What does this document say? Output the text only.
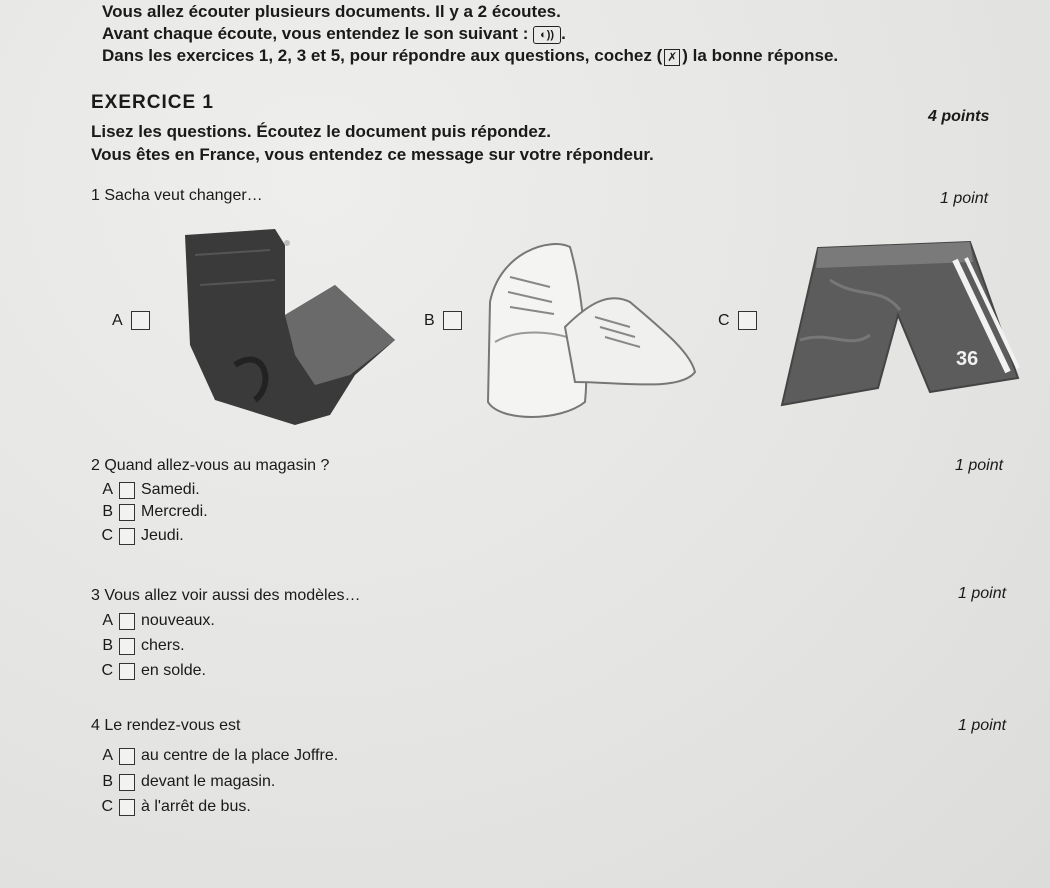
Vous allez écouter plusieurs documents. Il y a 2 écoutes.
Avant chaque écoute, vous entendez le son suivant : ◐)) .
Dans les exercices 1, 2, 3 et 5, pour répondre aux questions, cochez ( ✗ ) la bonne réponse.
EXERCICE 1
4 points
Lisez les questions. Écoutez le document puis répondez.
Vous êtes en France, vous entendez ce message sur votre répondeur.
1 Sacha veut changer…	1 point
A	B	C
36
2 Quand allez-vous au magasin ?	1 point
A Samedi.
B Mercredi.
C Jeudi.
3 Vous allez voir aussi des modèles…	1 point
A nouveaux.
B chers.
C en solde.
4 Le rendez-vous est	1 point
A au centre de la place Joffre.
B devant le magasin.
C à l'arrêt de bus.
